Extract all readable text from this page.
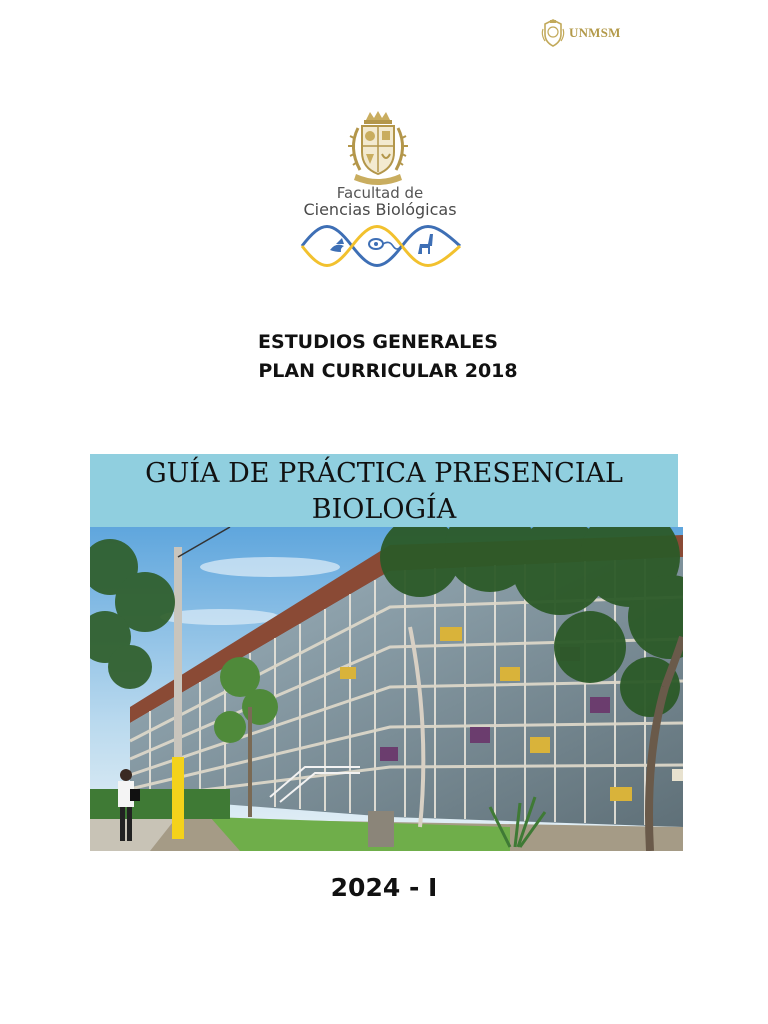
UNMSM
Facultad de
Ciencias Biológicas
ESTUDIOS GENERALES
PLAN CURRICULAR 2018
GUÍA DE PRÁCTICA PRESENCIAL
BIOLOGÍA
2024 - I
